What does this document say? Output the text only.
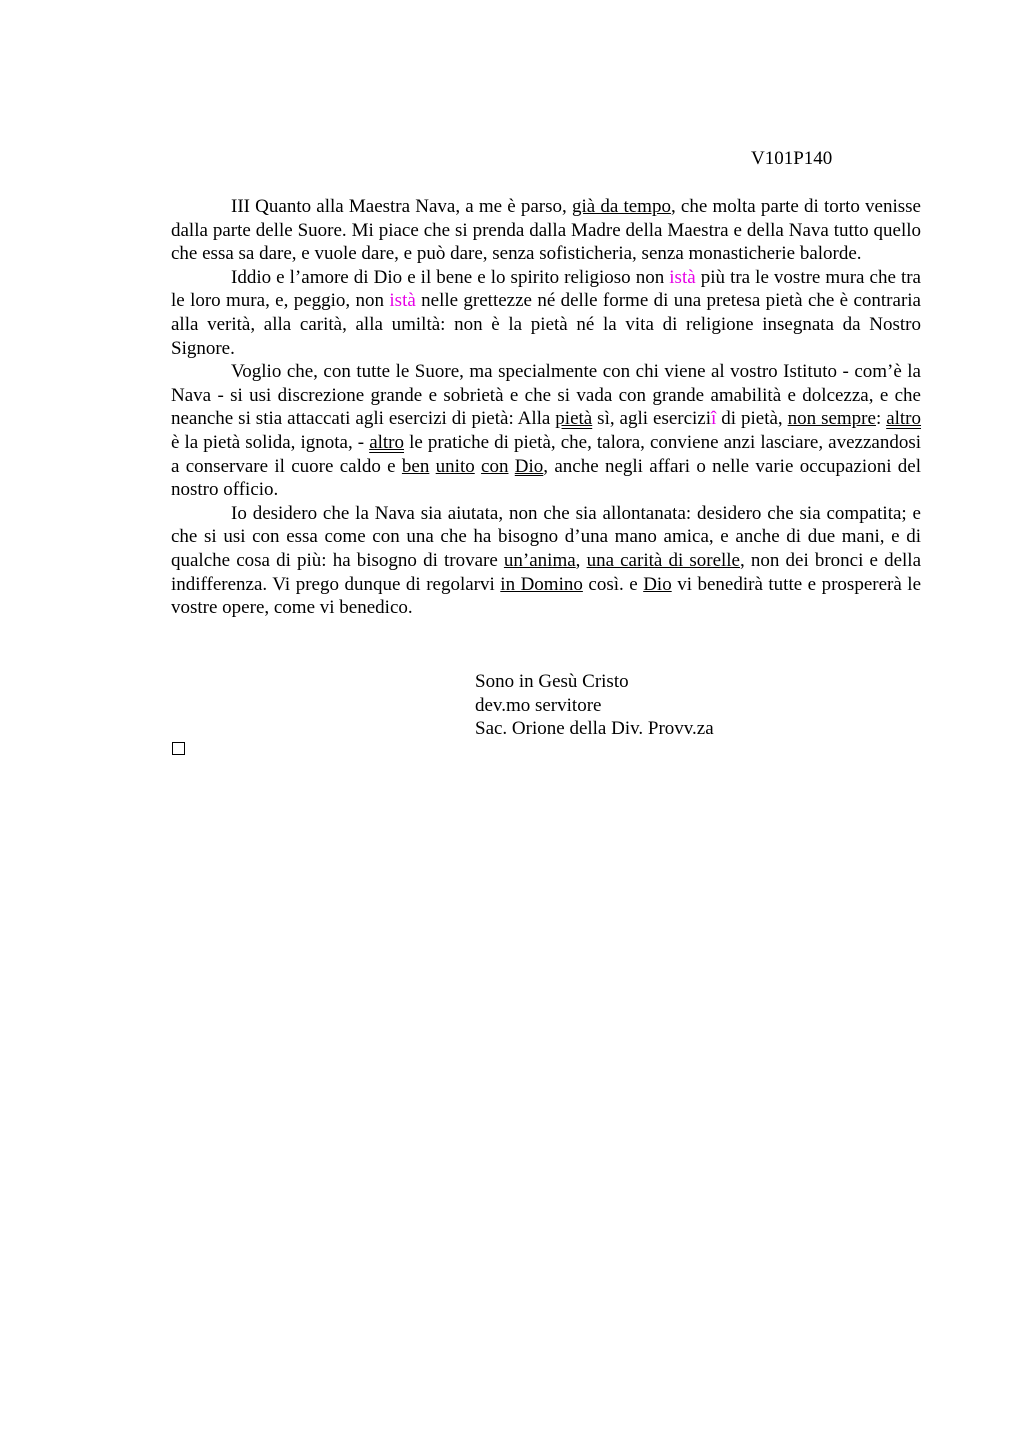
V101P140

III Quanto alla Maestra Nava, a me è parso, già da tempo, che molta parte di torto venisse dalla parte delle Suore. Mi piace che si prenda dalla Madre della Maestra e della Nava tutto quello che essa sa dare, e vuole dare, e può dare, senza sofisticheria, senza monasticherie balorde.

Iddio e l’amore di Dio e il bene e lo spirito religioso non istà più tra le vostre mura che tra le loro mura, e, peggio, non istà nelle grettezze né delle forme di una pretesa pietà che è contraria alla verità, alla carità, alla umiltà: non è la pietà né la vita di religione insegnata da Nostro Signore.

Voglio che, con tutte le Suore, ma specialmente con chi viene al vostro Istituto - com’è la Nava - si usi discrezione grande e sobrietà e che si vada con grande amabilità e dolcezza, e che neanche si stia attaccati agli esercizi di pietà: Alla pietà sì, agli eserciziî di pietà, non sempre: altro è la pietà solida, ignota, - altro le pratiche di pietà, che, talora, conviene anzi lasciare, avezzandosi a conservare il cuore caldo e ben unito con Dio, anche negli affari o nelle varie occupazioni del nostro officio.

Io desidero che la Nava sia aiutata, non che sia allontanata: desidero che sia compatita; e che si usi con essa come con una che ha bisogno d’una mano amica, e anche di due mani, e di qualche cosa di più: ha bisogno di trovare un’anima, una carità di sorelle, non dei bronci e della indifferenza. Vi prego dunque di regolarvi in Domino così. e Dio vi benedirà tutte e prospererà le vostre opere, come vi benedico.

Sono in Gesù Cristo
dev.mo servitore
Sac. Orione della Div. Provv.za
